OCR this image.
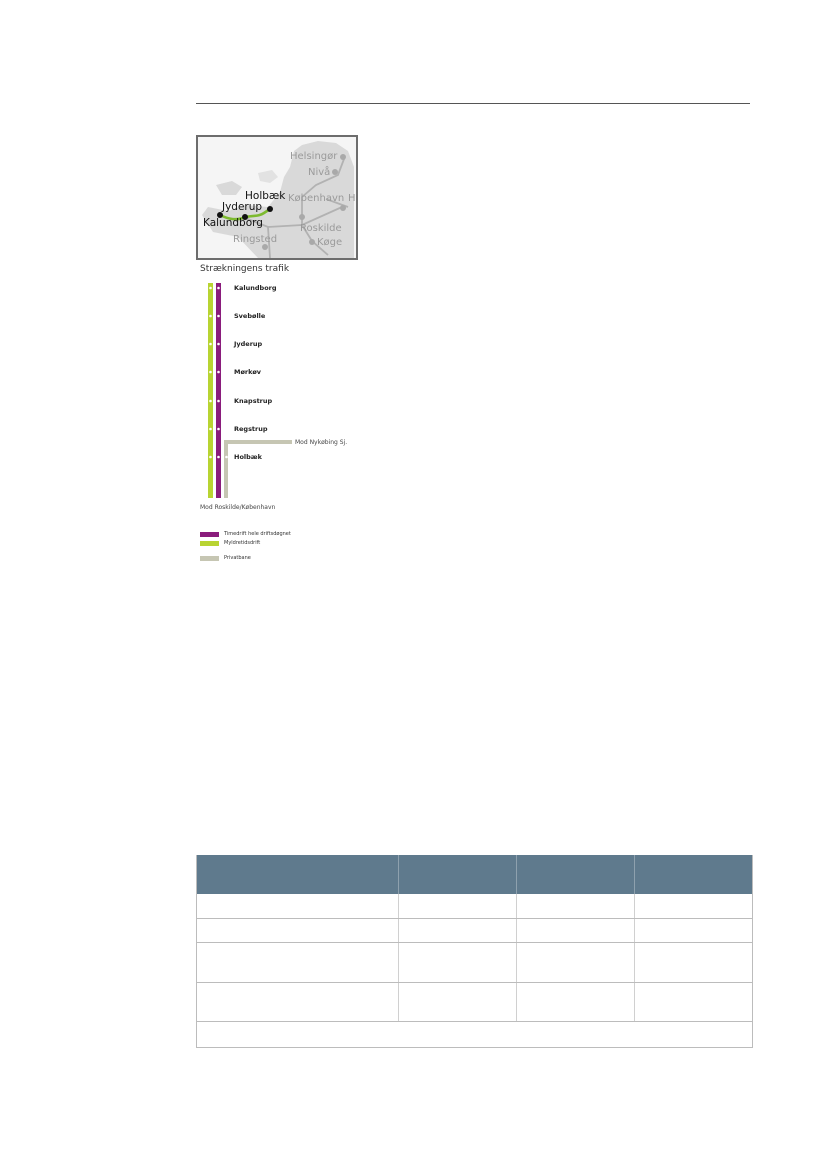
Helsingør
Nivå
Holbæk København H
Jyderup
Kalundborg	Roskilde
Ringsted	Køge
Strækningens trafik
Kalundborg
Svebølle
Jyderup
Mørkøv
Knapstrup
Regstrup
Holbæk
Mod Nykøbing Sj.
Mod Roskilde/København
Timedrift hele driftsdøgnet
Myldretidsdrift
Privatbane
